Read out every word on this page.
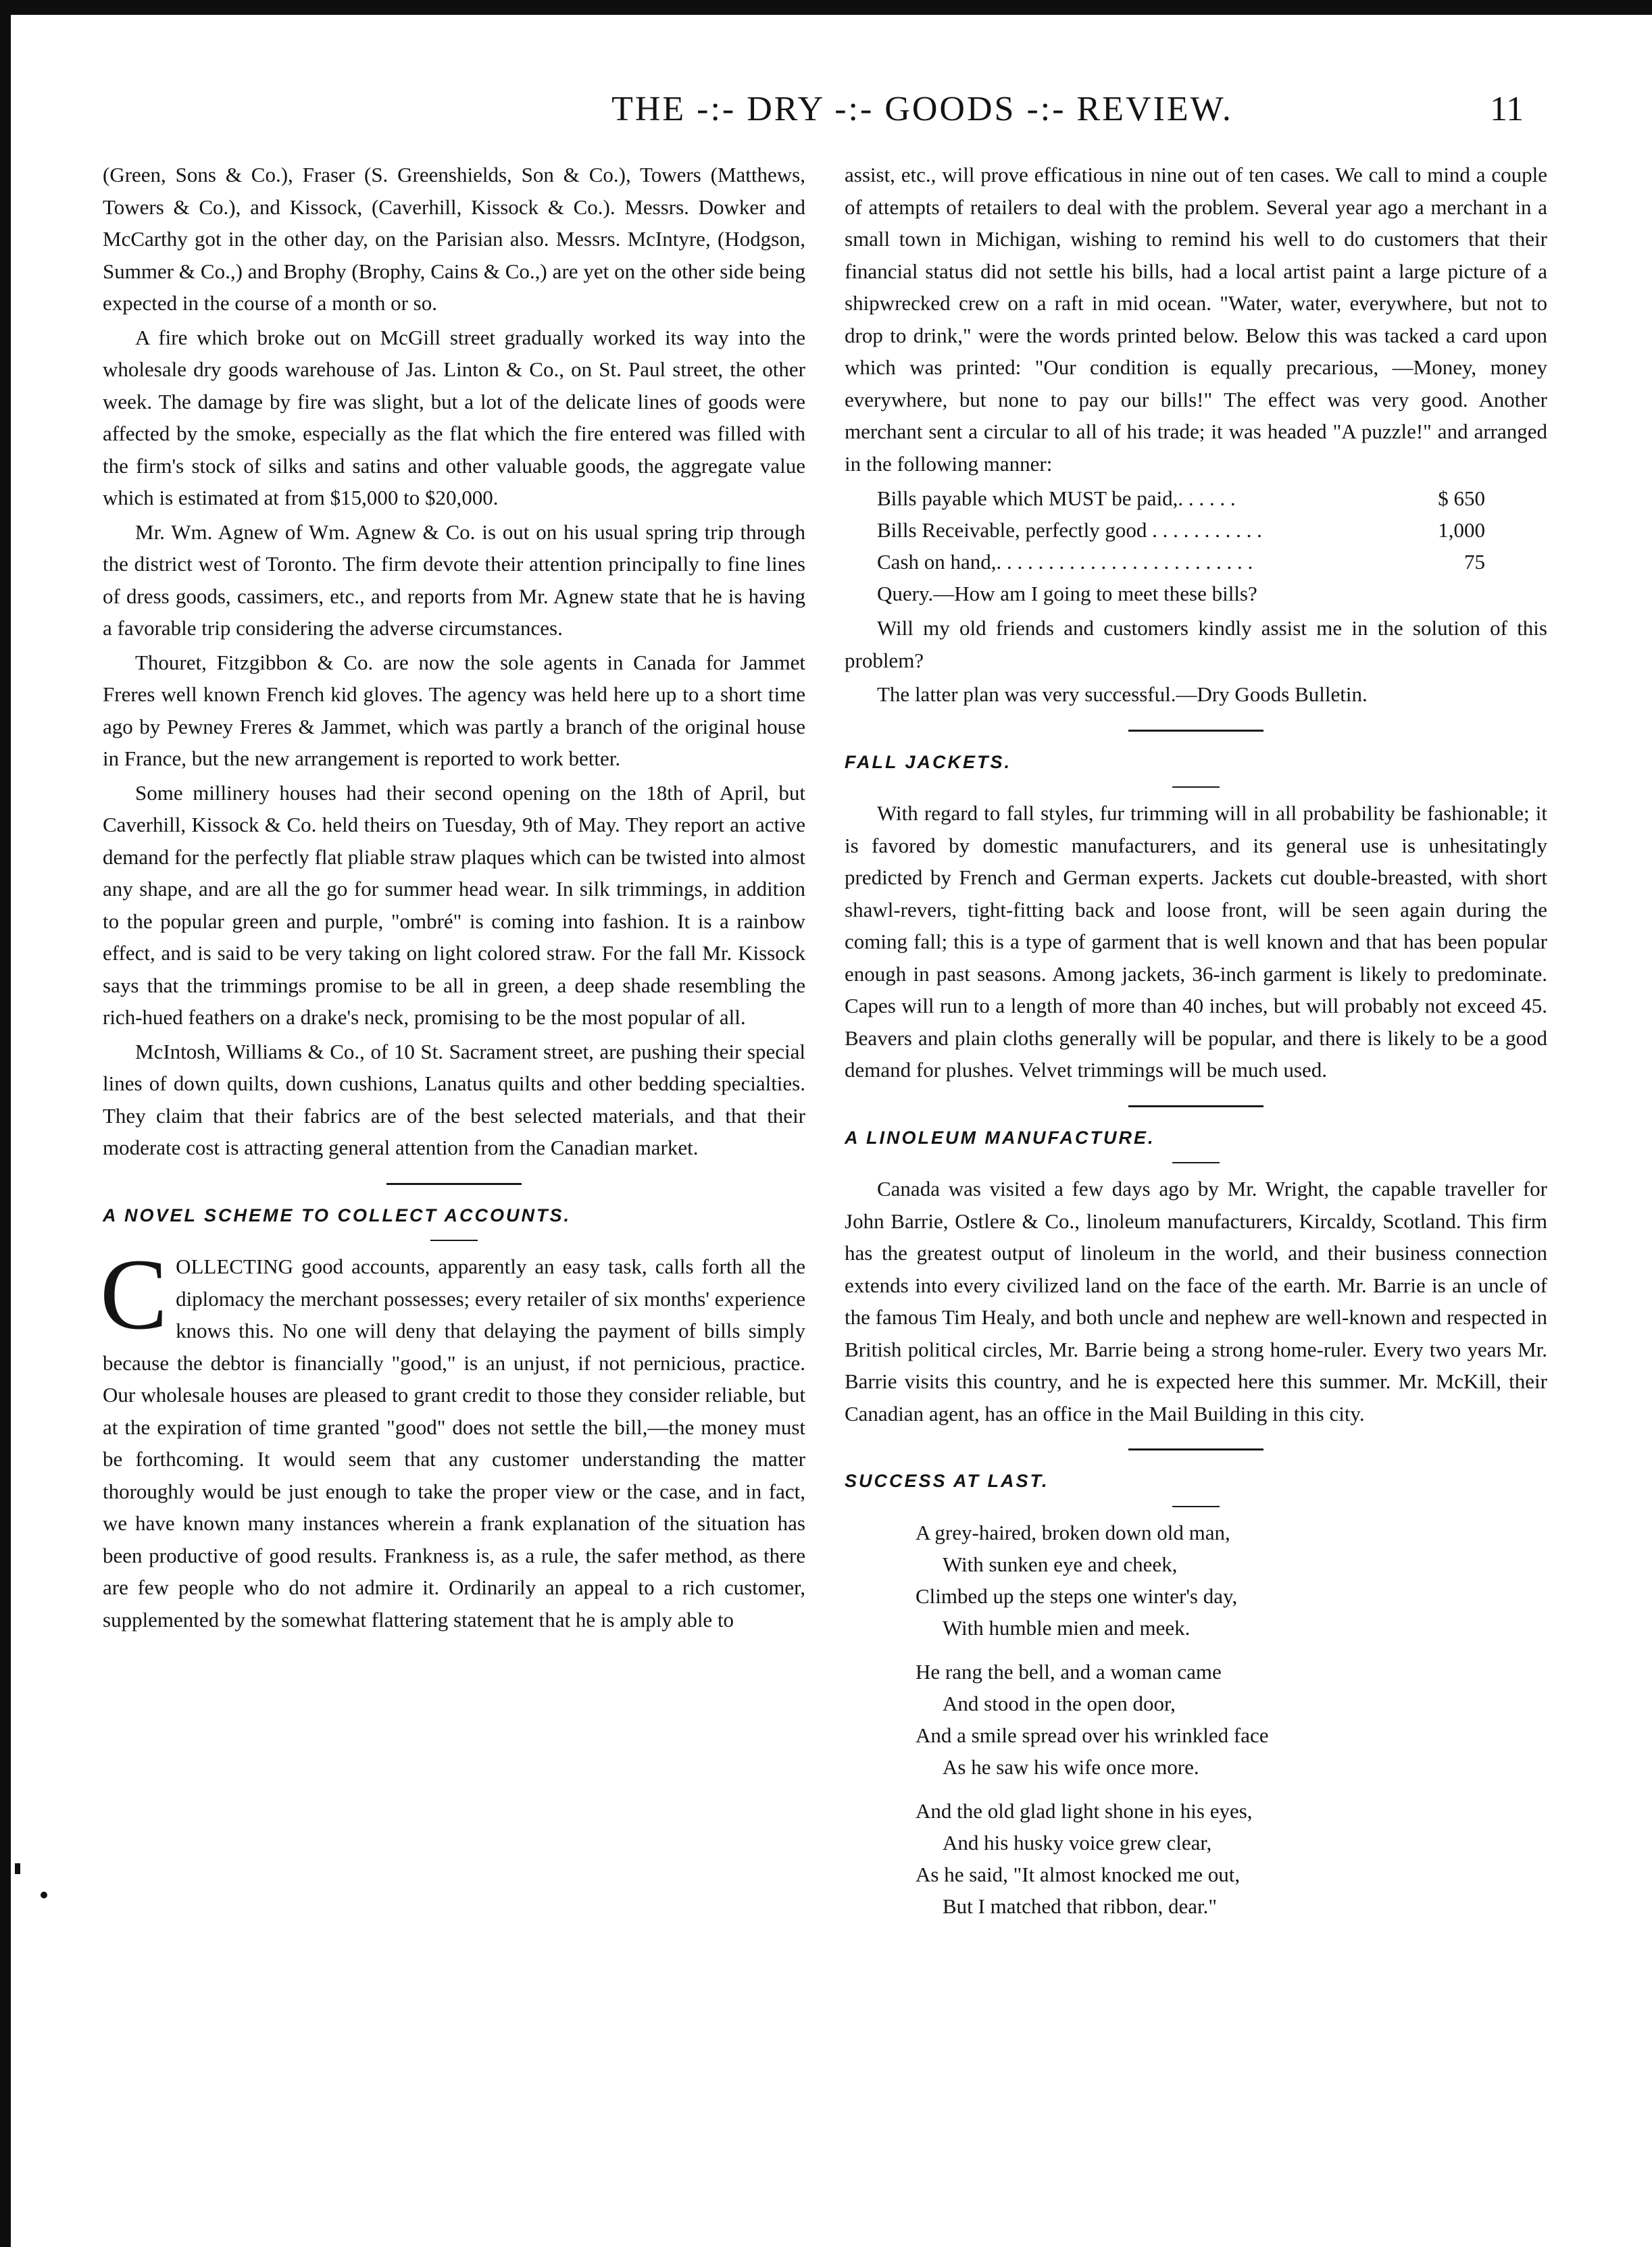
THE -:- DRY -:- GOODS -:- REVIEW.	11

(Green, Sons & Co.), Fraser (S. Greenshields, Son & Co.), Towers (Matthews, Towers & Co.), and Kissock, (Caverhill, Kissock & Co.). Messrs. Dowker and McCarthy got in the other day, on the Parisian also. Messrs. McIntyre, (Hodgson, Summer & Co.,) and Brophy (Brophy, Cains & Co.,) are yet on the other side being expected in the course of a month or so.

A fire which broke out on McGill street gradually worked its way into the wholesale dry goods warehouse of Jas. Linton & Co., on St. Paul street, the other week. The damage by fire was slight, but a lot of the delicate lines of goods were affected by the smoke, especially as the flat which the fire entered was filled with the firm's stock of silks and satins and other valuable goods, the aggregate value which is estimated at from $15,000 to $20,000.

Mr. Wm. Agnew of Wm. Agnew & Co. is out on his usual spring trip through the district west of Toronto. The firm devote their attention principally to fine lines of dress goods, cassimers, etc., and reports from Mr. Agnew state that he is having a favorable trip considering the adverse circumstances.

Thouret, Fitzgibbon & Co. are now the sole agents in Canada for Jammet Freres well known French kid gloves. The agency was held here up to a short time ago by Pewney Freres & Jammet, which was partly a branch of the original house in France, but the new arrangement is reported to work better.

Some millinery houses had their second opening on the 18th of April, but Caverhill, Kissock & Co. held theirs on Tuesday, 9th of May. They report an active demand for the perfectly flat pliable straw plaques which can be twisted into almost any shape, and are all the go for summer head wear. In silk trimmings, in addition to the popular green and purple, "ombré" is coming into fashion. It is a rainbow effect, and is said to be very taking on light colored straw. For the fall Mr. Kissock says that the trimmings promise to be all in green, a deep shade resembling the rich-hued feathers on a drake's neck, promising to be the most popular of all.

McIntosh, Williams & Co., of 10 St. Sacrament street, are pushing their special lines of down quilts, down cushions, Lanatus quilts and other bedding specialties. They claim that their fabrics are of the best selected materials, and that their moderate cost is attracting general attention from the Canadian market.

A NOVEL SCHEME TO COLLECT ACCOUNTS.

C OLLECTING good accounts, apparently an easy task, calls forth all the diplomacy the merchant possesses; every retailer of six months' experience knows this. No one will deny that delaying the payment of bills simply because the debtor is financially "good," is an unjust, if not pernicious, practice. Our wholesale houses are pleased to grant credit to those they consider reliable, but at the expiration of time granted "good" does not settle the bill,—the money must be forthcoming. It would seem that any customer understanding the matter thoroughly would be just enough to take the proper view or the case, and in fact, we have known many instances wherein a frank explanation of the situation has been productive of good results. Frankness is, as a rule, the safer method, as there are few people who do not admire it. Ordinarily an appeal to a rich customer, supplemented by the somewhat flattering statement that he is amply able to

assist, etc., will prove efficatious in nine out of ten cases. We call to mind a couple of attempts of retailers to deal with the problem. Several year ago a merchant in a small town in Michigan, wishing to remind his well to do customers that their financial status did not settle his bills, had a local artist paint a large picture of a shipwrecked crew on a raft in mid ocean. "Water, water, everywhere, but not to drop to drink," were the words printed below. Below this was tacked a card upon which was printed: "Our condition is equally precarious, —Money, money everywhere, but none to pay our bills!" The effect was very good. Another merchant sent a circular to all of his trade; it was headed "A puzzle!" and arranged in the following manner:

Bills payable which MUST be paid,. . . . . .	$ 650
Bills Receivable, perfectly good . . . . . . . . . . .	1,000
Cash on hand,. . . . . . . . . . . . . . . . . . . . . . . . .	75
Query.—How am I going to meet these bills?

Will my old friends and customers kindly assist me in the solution of this problem?

The latter plan was very successful.—Dry Goods Bulletin.

FALL JACKETS.

With regard to fall styles, fur trimming will in all probability be fashionable; it is favored by domestic manufacturers, and its general use is unhesitatingly predicted by French and German experts. Jackets cut double-breasted, with short shawl-revers, tight-fitting back and loose front, will be seen again during the coming fall; this is a type of garment that is well known and that has been popular enough in past seasons. Among jackets, 36-inch garment is likely to predominate. Capes will run to a length of more than 40 inches, but will probably not exceed 45. Beavers and plain cloths generally will be popular, and there is likely to be a good demand for plushes. Velvet trimmings will be much used.

A LINOLEUM MANUFACTURE.

Canada was visited a few days ago by Mr. Wright, the capable traveller for John Barrie, Ostlere & Co., linoleum manufacturers, Kircaldy, Scotland. This firm has the greatest output of linoleum in the world, and their business connection extends into every civilized land on the face of the earth. Mr. Barrie is an uncle of the famous Tim Healy, and both uncle and nephew are well-known and respected in British political circles, Mr. Barrie being a strong home-ruler. Every two years Mr. Barrie visits this country, and he is expected here this summer. Mr. McKill, their Canadian agent, has an office in the Mail Building in this city.

SUCCESS AT LAST.

A grey-haired, broken down old man,
With sunken eye and cheek,
Climbed up the steps one winter's day,
With humble mien and meek.
He rang the bell, and a woman came
And stood in the open door,
And a smile spread over his wrinkled face
As he saw his wife once more.
And the old glad light shone in his eyes,
And his husky voice grew clear,
As he said, "It almost knocked me out,
But I matched that ribbon, dear."
